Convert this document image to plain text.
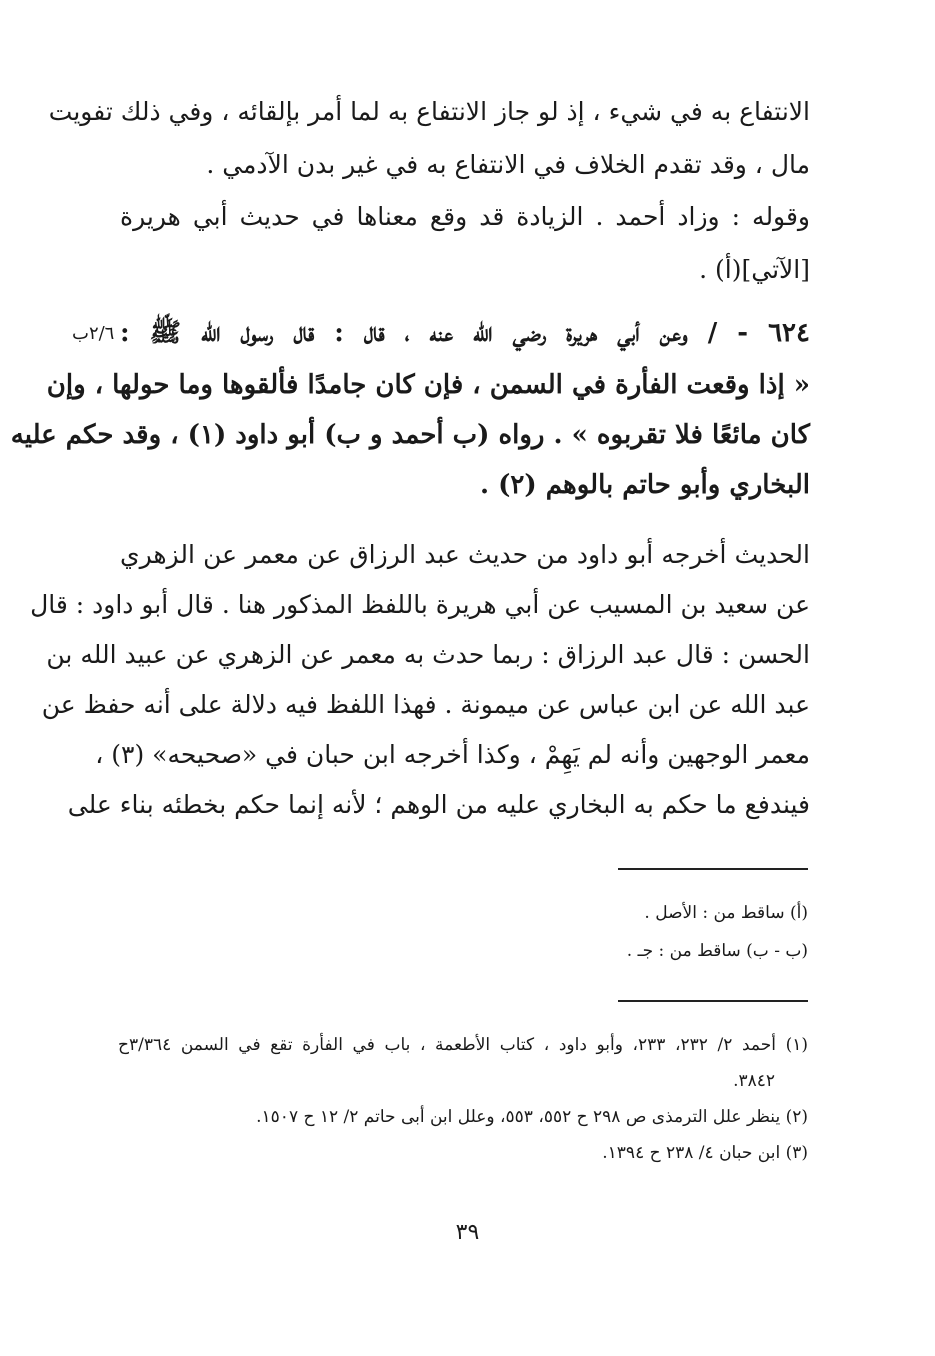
الانتفاع به في شيء ، إذ لو جاز الانتفاع به لما أمر بإلقائه ، وفي ذلك تفويت
مال ، وقد تقدم الخلاف في الانتفاع به في غير بدن الآدمي .
وقوله : وزاد أحمد . الزيادة قد وقع معناها في حديث أبي هريرة
[الآتي](أ) .
٢/٦ب ٦٢٤ - / وعن أبي هريرة رضي الله عنه ، قال : قال رسول الله ﷺ :
« إذا وقعت الفأرة في السمن ، فإن كان جامدًا فألقوها وما حولها ، وإن
كان مائعًا فلا تقربوه » . رواه (ب أحمد و ب) أبو داود (١) ، وقد حكم عليه
البخاري وأبو حاتم بالوهم (٢) .
الحديث أخرجه أبو داود من حديث عبد الرزاق عن معمر عن الزهري
عن سعيد بن المسيب عن أبي هريرة باللفظ المذكور هنا . قال أبو داود : قال
الحسن : قال عبد الرزاق : ربما حدث به معمر عن الزهري عن عبيد الله بن
عبد الله عن ابن عباس عن ميمونة . فهذا اللفظ فيه دلالة على أنه حفظ عن
معمر الوجهين وأنه لم يَهِمْ ، وكذا أخرجه ابن حبان في «صحيحه» (٣) ،
فيندفع ما حكم به البخاري عليه من الوهم ؛ لأنه إنما حكم بخطئه بناء على
(أ) ساقط من : الأصل .
(ب - ب) ساقط من : جـ .
(١) أحمد ٢/ ٢٣٢، ٢٣٣، وأبو داود ، كتاب الأطعمة ، باب في الفأرة تقع في السمن ٣/٣٦٤ح
٣٨٤٢.
(٢) ينظر علل الترمذى ص ٢٩٨ ح ٥٥٢، ٥٥٣، وعلل ابن أبى حاتم ٢/ ١٢ ح ١٥٠٧.
(٣) ابن حبان ٤/ ٢٣٨ ح ١٣٩٤.
٣٩
